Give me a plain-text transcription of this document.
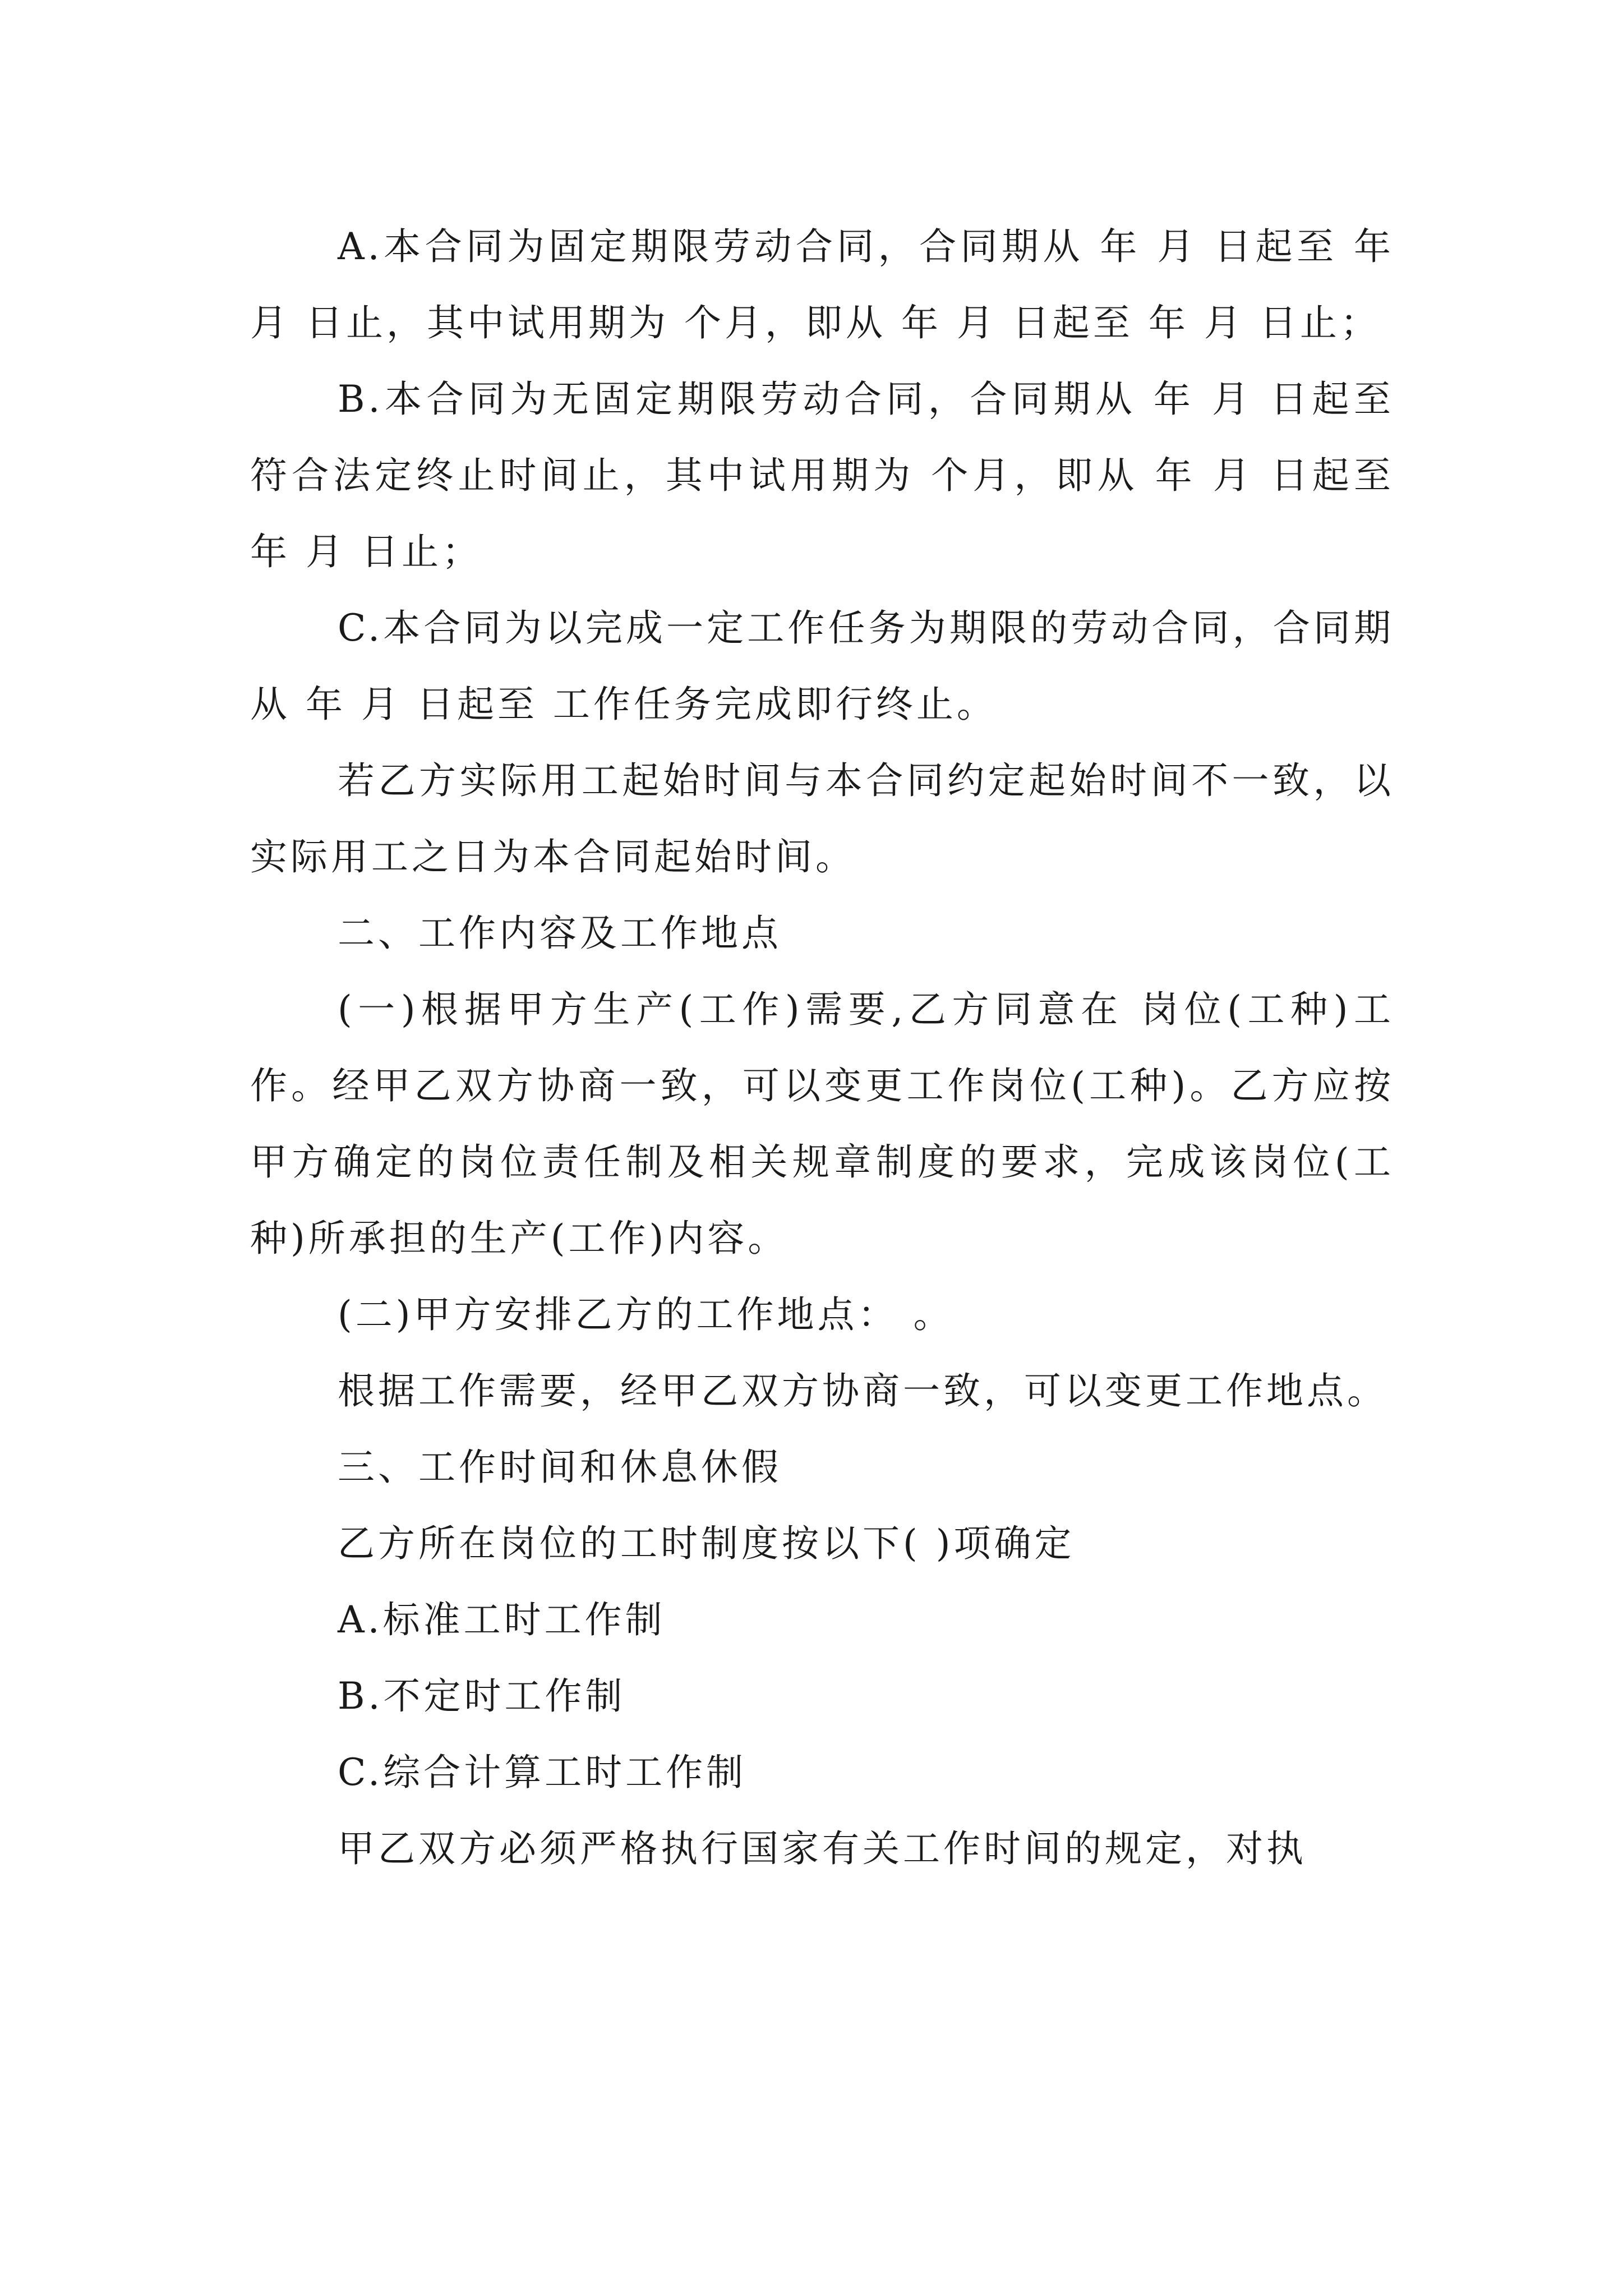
A.本合同为固定期限劳动合同，合同期从 年 月 日起至 年 月 日止，其中试用期为 个月，即从 年 月 日起至 年 月 日止；

B.本合同为无固定期限劳动合同，合同期从 年 月 日起至符合法定终止时间止，其中试用期为 个月，即从 年 月 日起至 年 月 日止；

C.本合同为以完成一定工作任务为期限的劳动合同，合同期从 年 月 日起至 工作任务完成即行终止。

若乙方实际用工起始时间与本合同约定起始时间不一致，以实际用工之日为本合同起始时间。

二、工作内容及工作地点

(一)根据甲方生产(工作)需要,乙方同意在 岗位(工种)工作。经甲乙双方协商一致，可以变更工作岗位(工种)。乙方应按甲方确定的岗位责任制及相关规章制度的要求，完成该岗位(工种)所承担的生产(工作)内容。

(二)甲方安排乙方的工作地点： 。

根据工作需要，经甲乙双方协商一致，可以变更工作地点。

三、工作时间和休息休假

乙方所在岗位的工时制度按以下( )项确定

A.标准工时工作制

B.不定时工作制

C.综合计算工时工作制

甲乙双方必须严格执行国家有关工作时间的规定，对执
